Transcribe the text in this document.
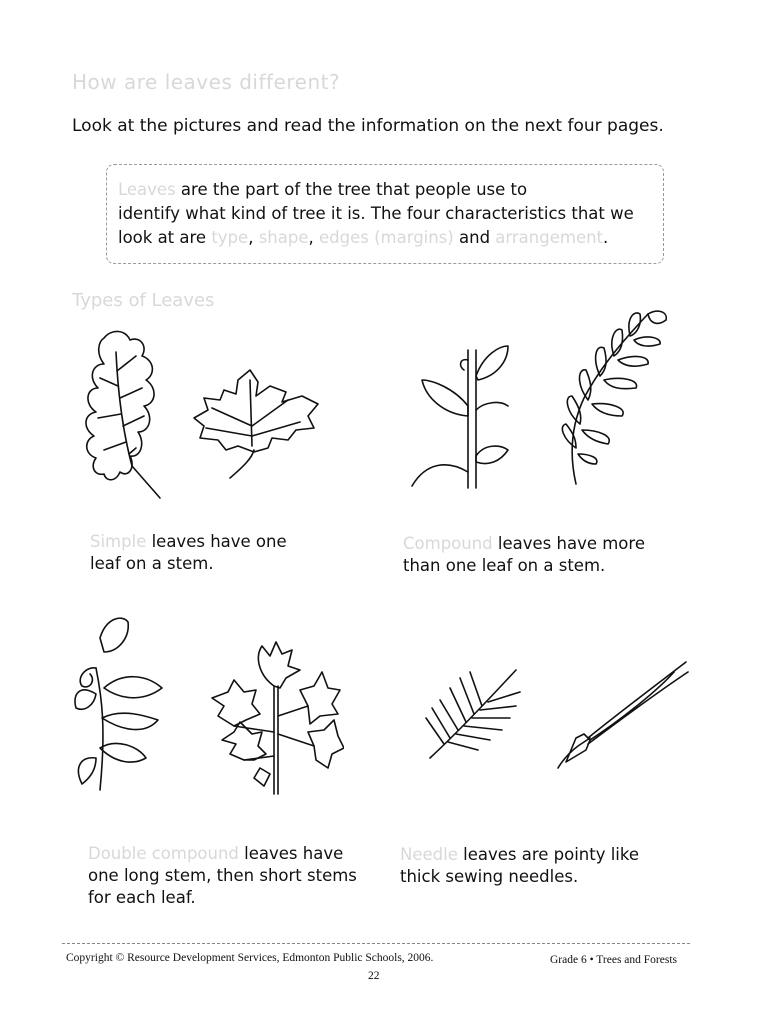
How are leaves different?
Look at the pictures and read the information on the next four pages.
Leaves are the part of the tree that people use to
identify what kind of tree it is. The four characteristics that we
look at are type, shape, edges (margins) and arrangement.
Types of Leaves
Simple leaves have one
leaf on a stem.
Compound leaves have more
than one leaf on a stem.
Double compound leaves have
one long stem, then short stems
for each leaf.
Needle leaves are pointy like
thick sewing needles.
Copyright © Resource Development Services, Edmonton Public Schools, 2006.	Grade 6 • Trees and Forests
22
